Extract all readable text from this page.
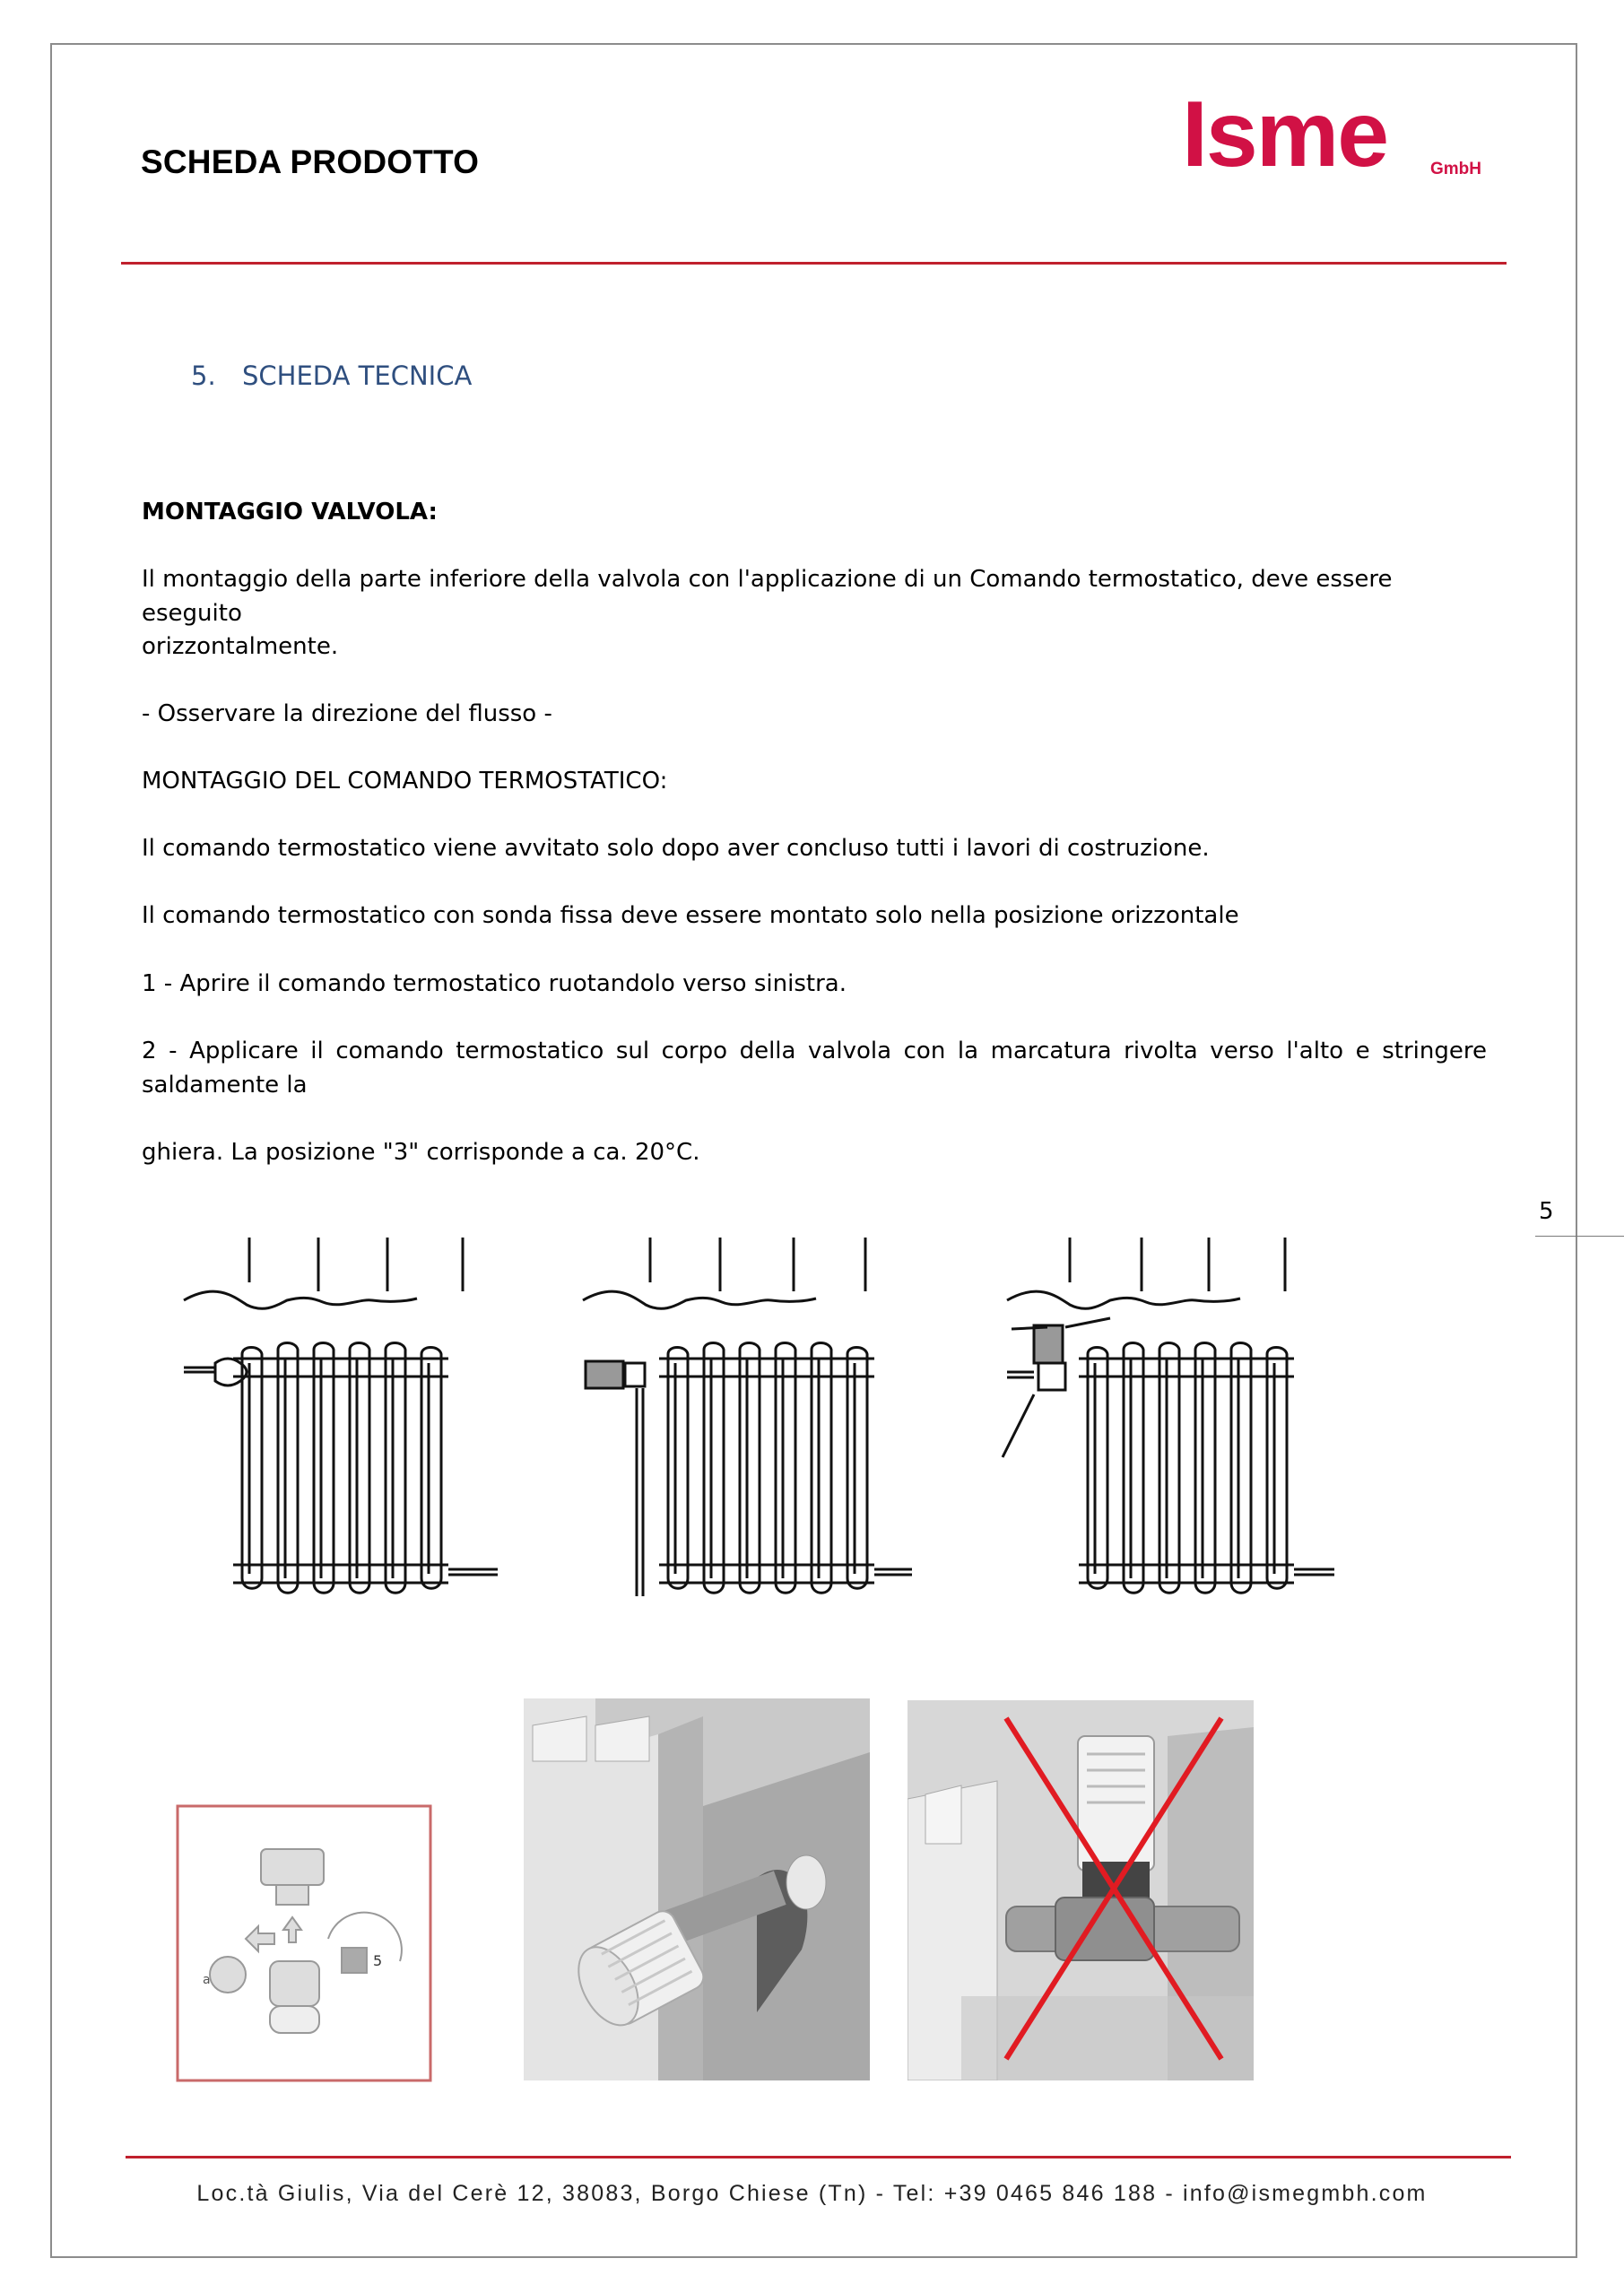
SCHEDA PRODOTTO	Isme	GmbH
5. SCHEDA TECNICA
MONTAGGIO VALVOLA:
Il montaggio della parte inferiore della valvola con l'applicazione di un Comando termostatico, deve essere eseguito
orizzontalmente.
- Osservare la direzione del flusso -
MONTAGGIO DEL COMANDO TERMOSTATICO:
Il comando termostatico viene avvitato solo dopo aver concluso tutti i lavori di costruzione.
Il comando termostatico con sonda fissa deve essere montato solo nella posizione orizzontale
1 - Aprire il comando termostatico ruotandolo verso sinistra.
2 - Applicare il comando termostatico sul corpo della valvola con la marcatura rivolta verso l'alto e stringere
saldamente la
ghiera. La posizione "3" corrisponde a ca. 20°C.
5
a
5
Loc.tà Giulis, Via del Cerè 12, 38083, Borgo Chiese (Tn) - Tel: +39 0465 846 188 - info@ismegmbh.com
